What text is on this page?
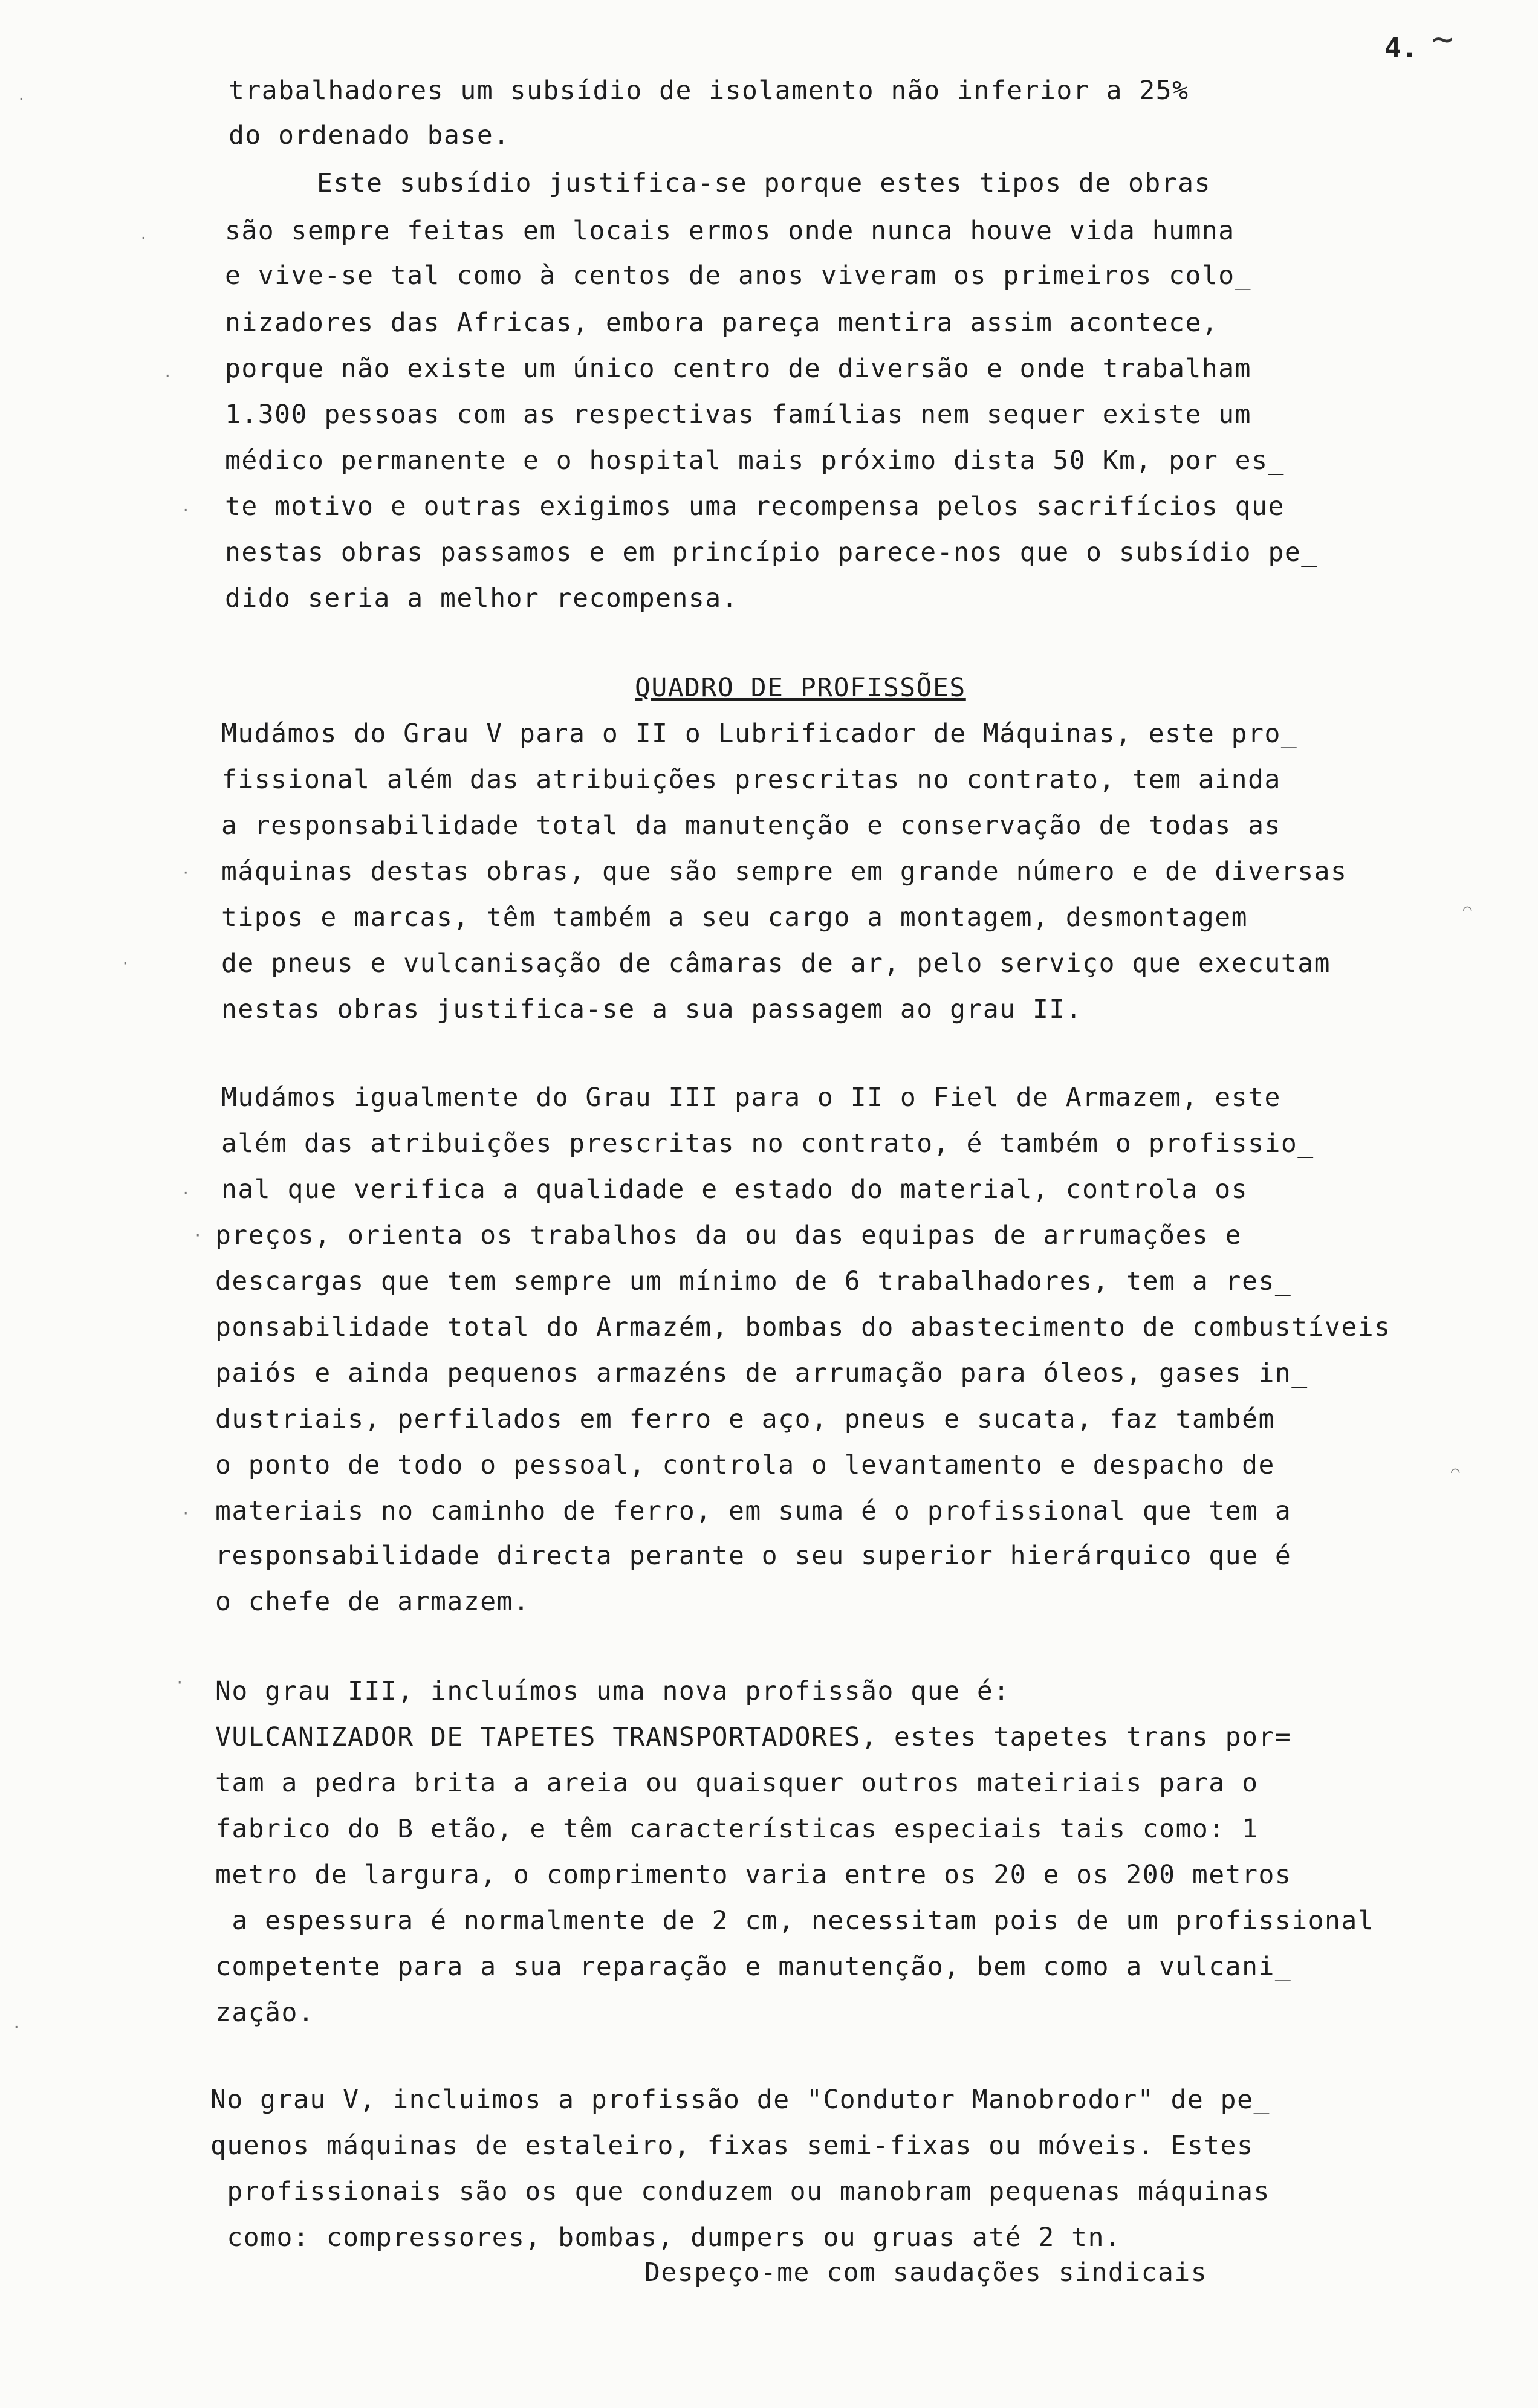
4. ~
trabalhadores um subsídio de isolamento não inferior a 25%
do ordenado base.
Este subsídio justifica-se porque estes tipos de obras
são sempre feitas em locais ermos onde nunca houve vida humna
e vive-se tal como à centos de anos viveram os primeiros colo_
nizadores das Africas, embora pareça mentira assim acontece,
porque não existe um único centro de diversão e onde trabalham
1.300 pessoas com as respectivas famílias nem sequer existe um
médico permanente e o hospital mais próximo dista 50 Km, por es_
te motivo e outras exigimos uma recompensa pelos sacrifícios que
nestas obras passamos e em princípio parece-nos que o subsídio pe_
dido seria a melhor recompensa.
QUADRO DE PROFISSÕES
Mudámos do Grau V para o II o Lubrificador de Máquinas, este pro_
fissional além das atribuições prescritas no contrato, tem ainda
a responsabilidade total da manutenção e conservação de todas as
máquinas destas obras, que são sempre em grande número e de diversas
tipos e marcas, têm também a seu cargo a montagem, desmontagem
de pneus e vulcanisação de câmaras de ar, pelo serviço que executam
nestas obras justifica-se a sua passagem ao grau II.
Mudámos igualmente do Grau III para o II o Fiel de Armazem, este
além das atribuições prescritas no contrato, é também o profissio_
nal que verifica a qualidade e estado do material, controla os
preços, orienta os trabalhos da ou das equipas de arrumações e
descargas que tem sempre um mínimo de 6 trabalhadores, tem a res_
ponsabilidade total do Armazém, bombas do abastecimento de combustíveis
paiós e ainda pequenos armazéns de arrumação para óleos, gases in_
dustriais, perfilados em ferro e aço, pneus e sucata, faz também
o ponto de todo o pessoal, controla o levantamento e despacho de
materiais no caminho de ferro, em suma é o profissional que tem a
responsabilidade directa perante o seu superior hierárquico que é
o chefe de armazem.
No grau III, incluímos uma nova profissão que é:
VULCANIZADOR DE TAPETES TRANSPORTADORES, estes tapetes trans por=
tam a pedra brita a areia ou quaisquer outros mateiriais para o
fabrico do B etão, e têm características especiais tais como: 1
metro de largura, o comprimento varia entre os 20 e os 200 metros
a espessura é normalmente de 2 cm, necessitam pois de um profissional
competente para a sua reparação e manutenção, bem como a vulcani_
zação.
No grau V, incluimos a profissão de "Condutor Manobrodor" de pe_
quenos máquinas de estaleiro, fixas semi-fixas ou móveis. Estes
profissionais são os que conduzem ou manobram pequenas máquinas
como: compressores, bombas, dumpers ou gruas até 2 tn.
Despeço-me com saudações sindicais
·
·
·
·
·
·
·
·
·
·
·
⌒
⌒
